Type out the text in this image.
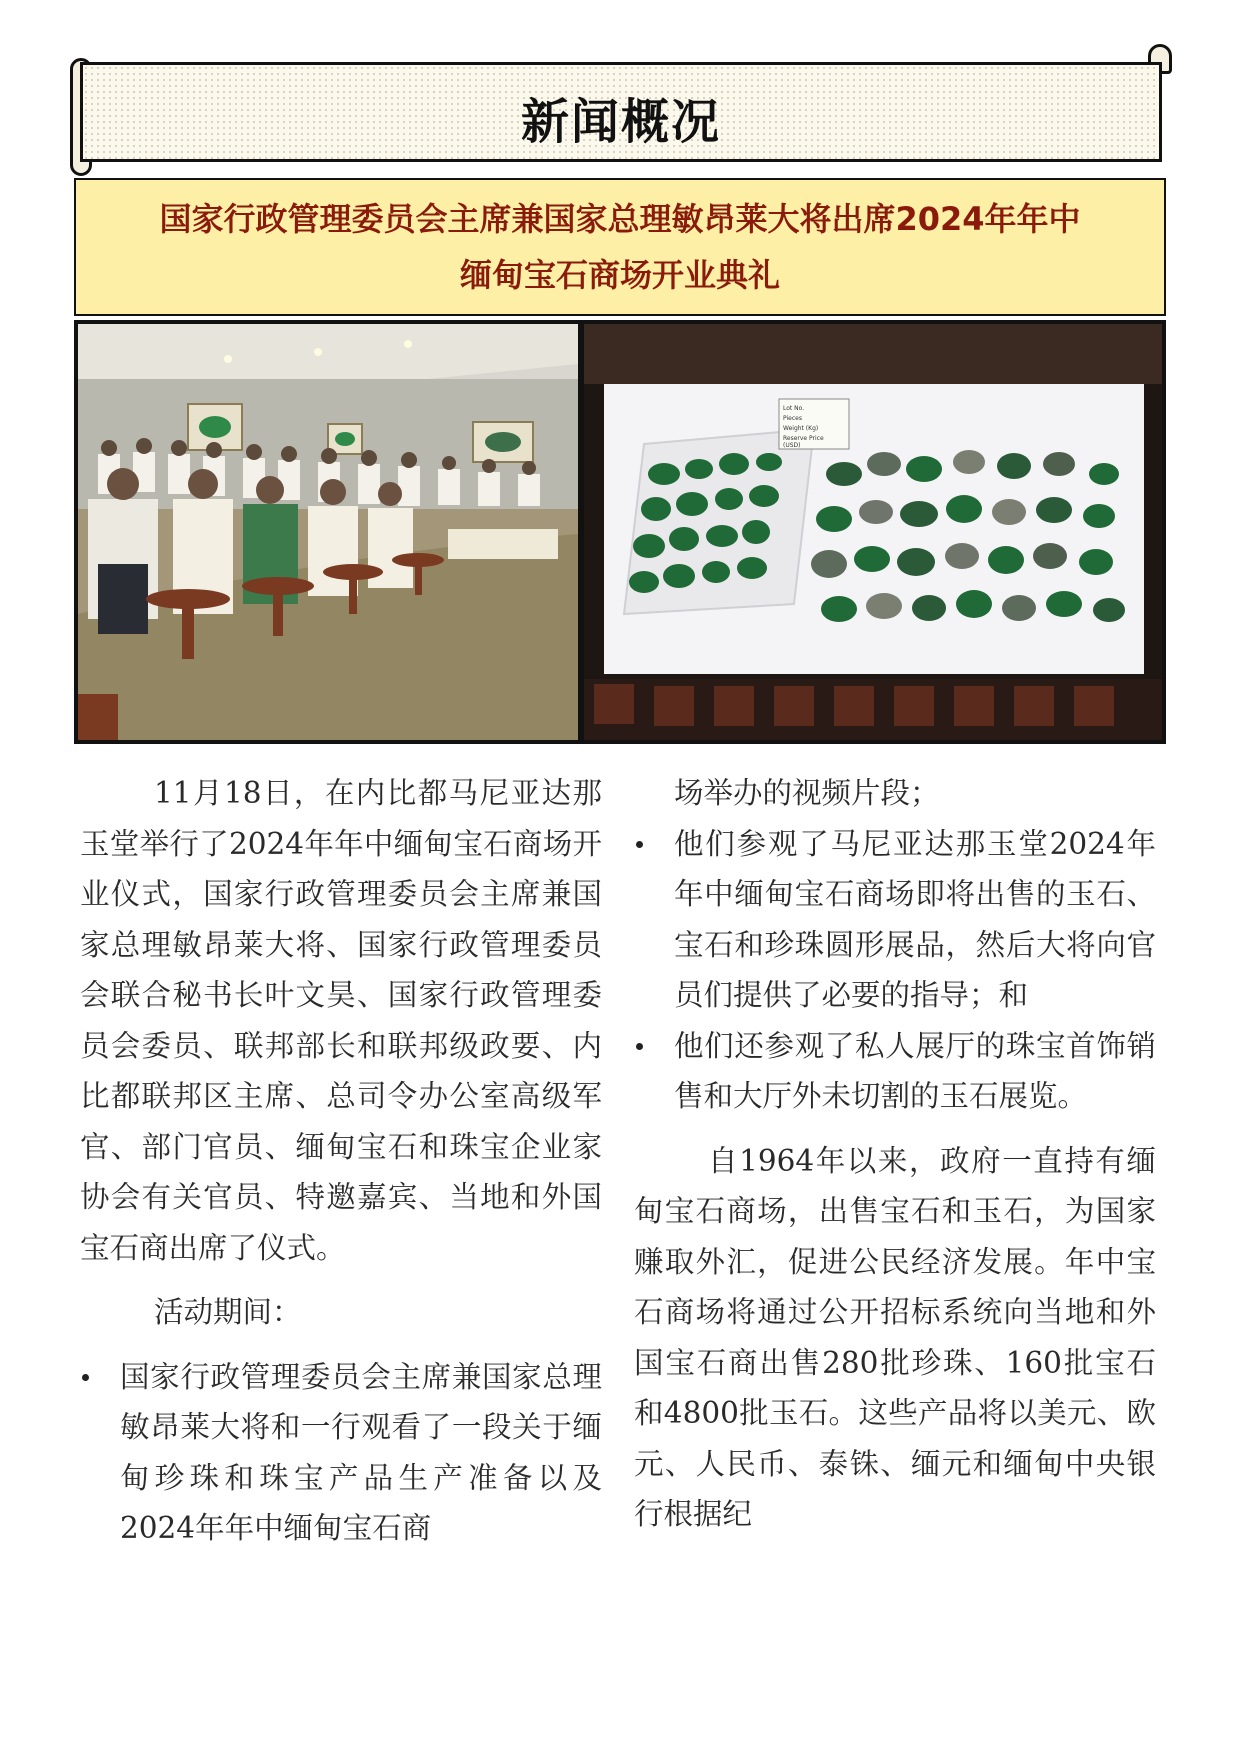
新闻概况
国家行政管理委员会主席兼国家总理敏昂莱大将出席2024年年中
缅甸宝石商场开业典礼
Lot No.
Pieces
Weight (Kg)
Reserve Price
(USD)

11月18日，在内比都马尼亚达那玉堂举行了2024年年中缅甸宝石商场开业仪式，国家行政管理委员会主席兼国家总理敏昂莱大将、国家行政管理委员会联合秘书长叶文昊、国家行政管理委员会委员、联邦部长和联邦级政要、内比都联邦区主席、总司令办公室高级军官、部门官员、缅甸宝石和珠宝企业家协会有关官员、特邀嘉宾、当地和外国宝石商出席了仪式。

活动期间：

国家行政管理委员会主席兼国家总理敏昂莱大将和一行观看了一段关于缅甸珍珠和珠宝产品生产准备以及2024年年中缅甸宝石商

场举办的视频片段；

他们参观了马尼亚达那玉堂2024年年中缅甸宝石商场即将出售的玉石、宝石和珍珠圆形展品，然后大将向官员们提供了必要的指导；和

他们还参观了私人展厅的珠宝首饰销售和大厅外未切割的玉石展览。

自1964年以来，政府一直持有缅甸宝石商场，出售宝石和玉石，为国家赚取外汇，促进公民经济发展。年中宝石商场将通过公开招标系统向当地和外国宝石商出售280批珍珠、160批宝石和4800批玉石。这些产品将以美元、欧元、人民币、泰铢、缅元和缅甸中央银行根据纪
